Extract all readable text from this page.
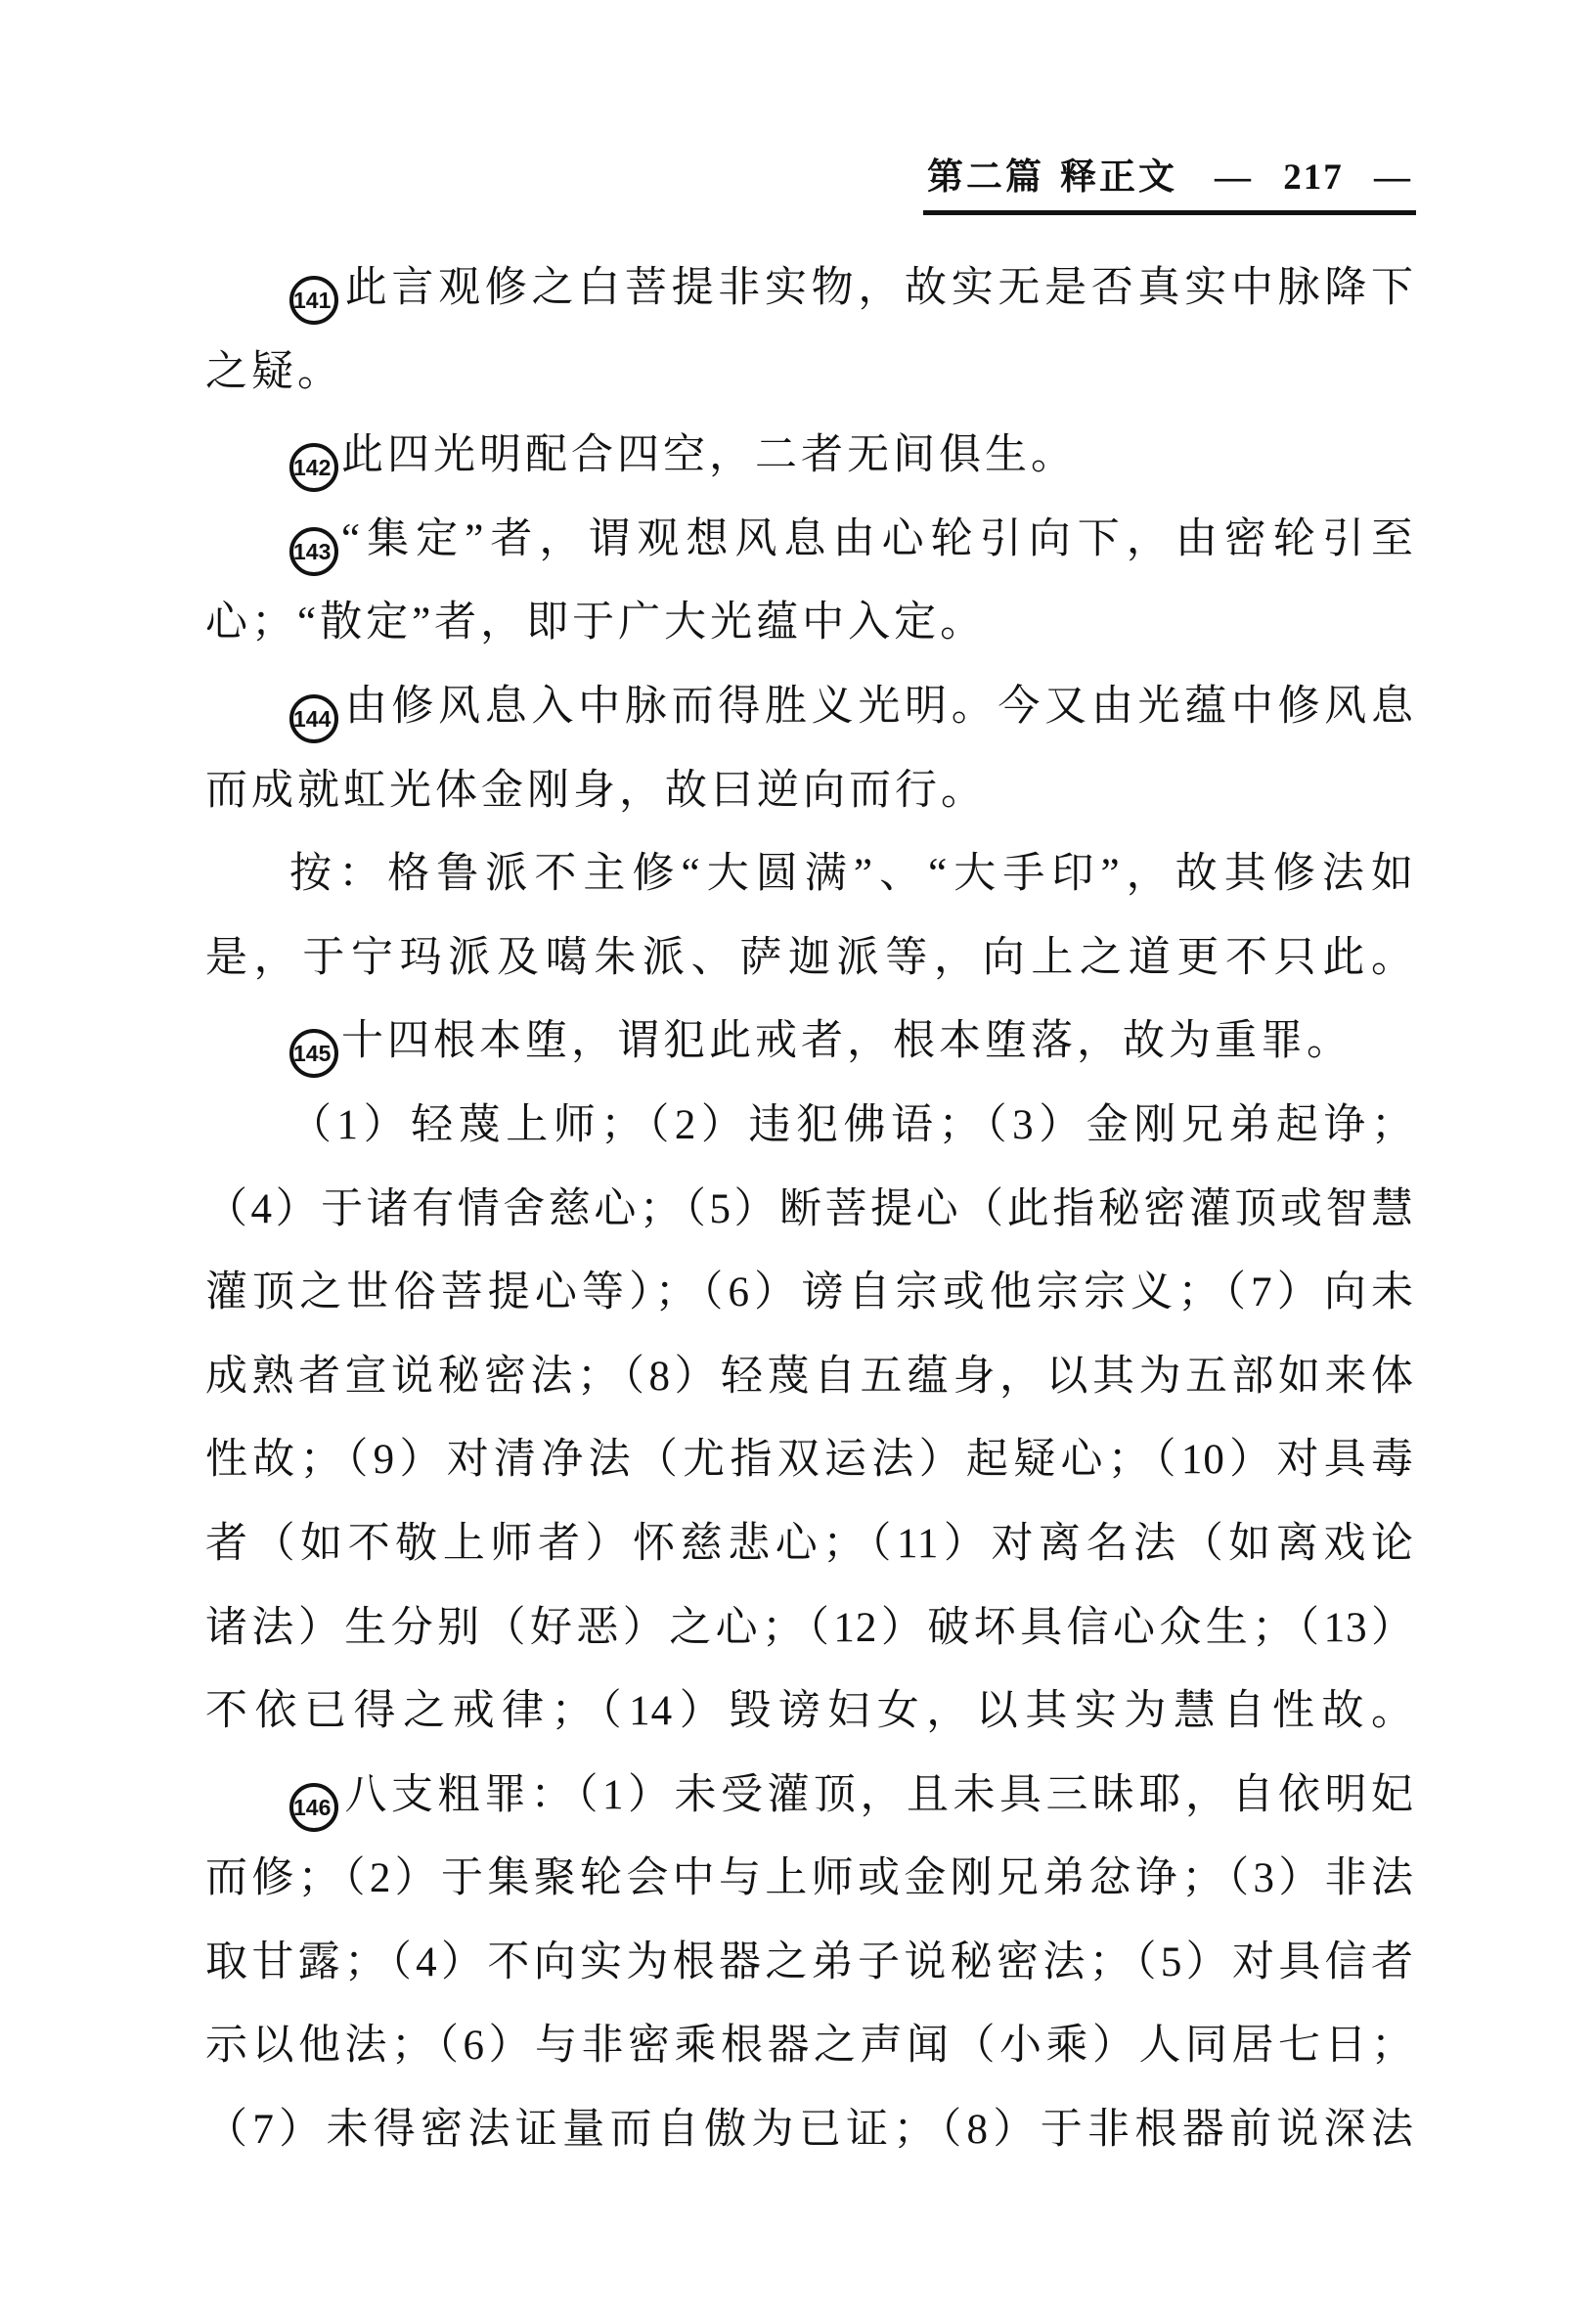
第二篇 释正文 — 217 —
141 此言观修之白菩提非实物，故实无是否真实中脉降下
之疑。
142 此四光明配合四空，二者无间俱生。
143 “集定”者，谓观想风息由心轮引向下，由密轮引至
心；“散定”者，即于广大光蕴中入定。
144 由修风息入中脉而得胜义光明。今又由光蕴中修风息
而成就虹光体金刚身，故曰逆向而行。
按：格鲁派不主修“大圆满”、“大手印”，故其修法如
是，于宁玛派及噶朱派、萨迦派等，向上之道更不只此。
145 十四根本堕，谓犯此戒者，根本堕落，故为重罪。
（1）轻蔑上师；（2）违犯佛语；（3）金刚兄弟起诤；
（4）于诸有情舍慈心；（5）断菩提心（此指秘密灌顶或智慧
灌顶之世俗菩提心等）；（6）谤自宗或他宗宗义；（7）向未
成熟者宣说秘密法；（8）轻蔑自五蕴身，以其为五部如来体
性故；（9）对清净法（尤指双运法）起疑心；（10）对具毒
者（如不敬上师者）怀慈悲心；（11）对离名法（如离戏论
诸法）生分别（好恶）之心；（12）破坏具信心众生；（13）
不依已得之戒律；（14）毁谤妇女，以其实为慧自性故。
146 八支粗罪：（1）未受灌顶，且未具三昧耶，自依明妃
而修；（2）于集聚轮会中与上师或金刚兄弟忿诤；（3）非法
取甘露；（4）不向实为根器之弟子说秘密法；（5）对具信者
示以他法；（6）与非密乘根器之声闻（小乘）人同居七日；
（7）未得密法证量而自傲为已证；（8）于非根器前说深法
